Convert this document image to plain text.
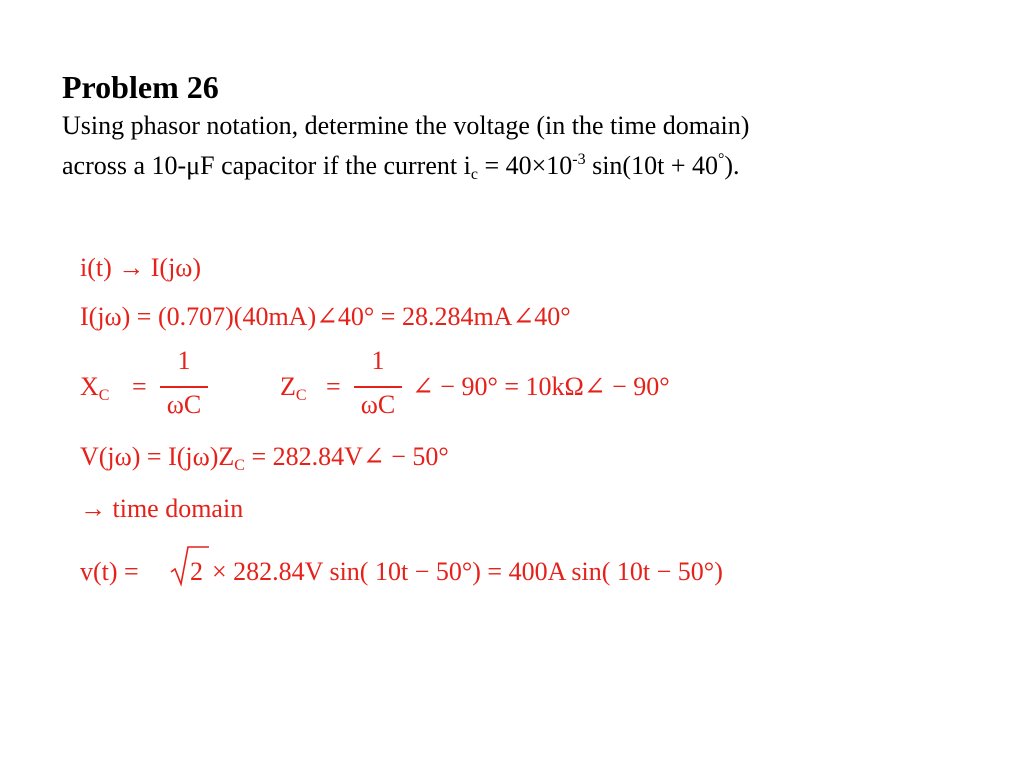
Problem 26
Using phasor notation, determine the voltage (in the time domain)
across a 10-μF capacitor if the current $i_c = 40\times 10^{-3}$ sin(10t + 40°).
i(t) → I(jω)
I(jω) = (0.707)(40mA)∠40° = 28.284mA∠40°
$X_C$ =
1
ωC
$Z_C$ =
1
ωC
∠ − 90° = 10kΩ∠ − 90°
$V(j\omega) = I(j\omega)Z_C$ = 282.84V∠ − 50°
→ time domain
v(t) = 2 × 282.84V sin( 10t − 50°) = 400A sin( 10t − 50°)
